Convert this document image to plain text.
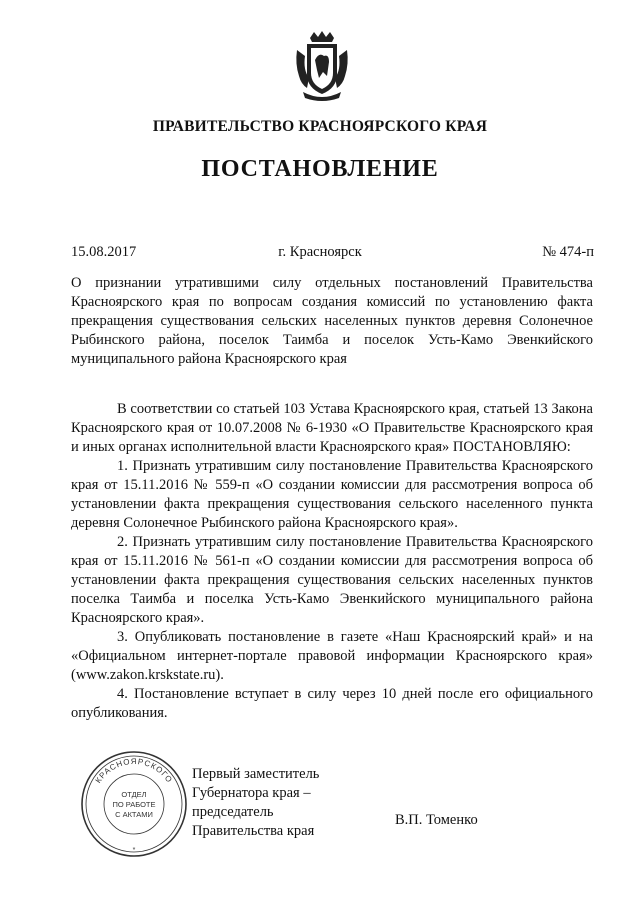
ПРАВИТЕЛЬСТВО КРАСНОЯРСКОГО КРАЯ
ПОСТАНОВЛЕНИЕ
15.08.2017	г. Красноярск	№ 474-п
О признании утратившими силу отдельных постановлений Правительства Красноярского края по вопросам создания комиссий по установлению факта прекращения существования сельских населенных пунктов деревня Солонечное Рыбинского района, поселок Таимба и поселок Усть-Камо Эвенкийского муниципального района Красноярского края

В соответствии со статьей 103 Устава Красноярского края, статьей 13 Закона Красноярского края от 10.07.2008 № 6-1930 «О Правительстве Красноярского края и иных органах исполнительной власти Красноярского края» ПОСТАНОВЛЯЮ:

1. Признать утратившим силу постановление Правительства Красноярского края от 15.11.2016 № 559-п «О создании комиссии для рассмотрения вопроса об установлении факта прекращения существования сельского населенного пункта деревня Солонечное Рыбинского района Красноярского края».

2. Признать утратившим силу постановление Правительства Красноярского края от 15.11.2016 № 561-п «О создании комиссии для рассмотрения вопроса об установлении факта прекращения существования сельских населенных пунктов поселка Таимба и поселка Усть-Камо Эвенкийского муниципального района Красноярского края».

3. Опубликовать постановление в газете «Наш Красноярский край» и на «Официальном интернет-портале правовой информации Красноярского края» (www.zakon.krskstate.ru).

4. Постановление вступает в силу через 10 дней после его официального опубликования.

КРАСНОЯРСКОГО
ОТДЕЛ
ПО РАБОТЕ
С АКТАМИ
*
Первый заместитель
Губернатора края –
председатель
Правительства края
В.П. Томенко
